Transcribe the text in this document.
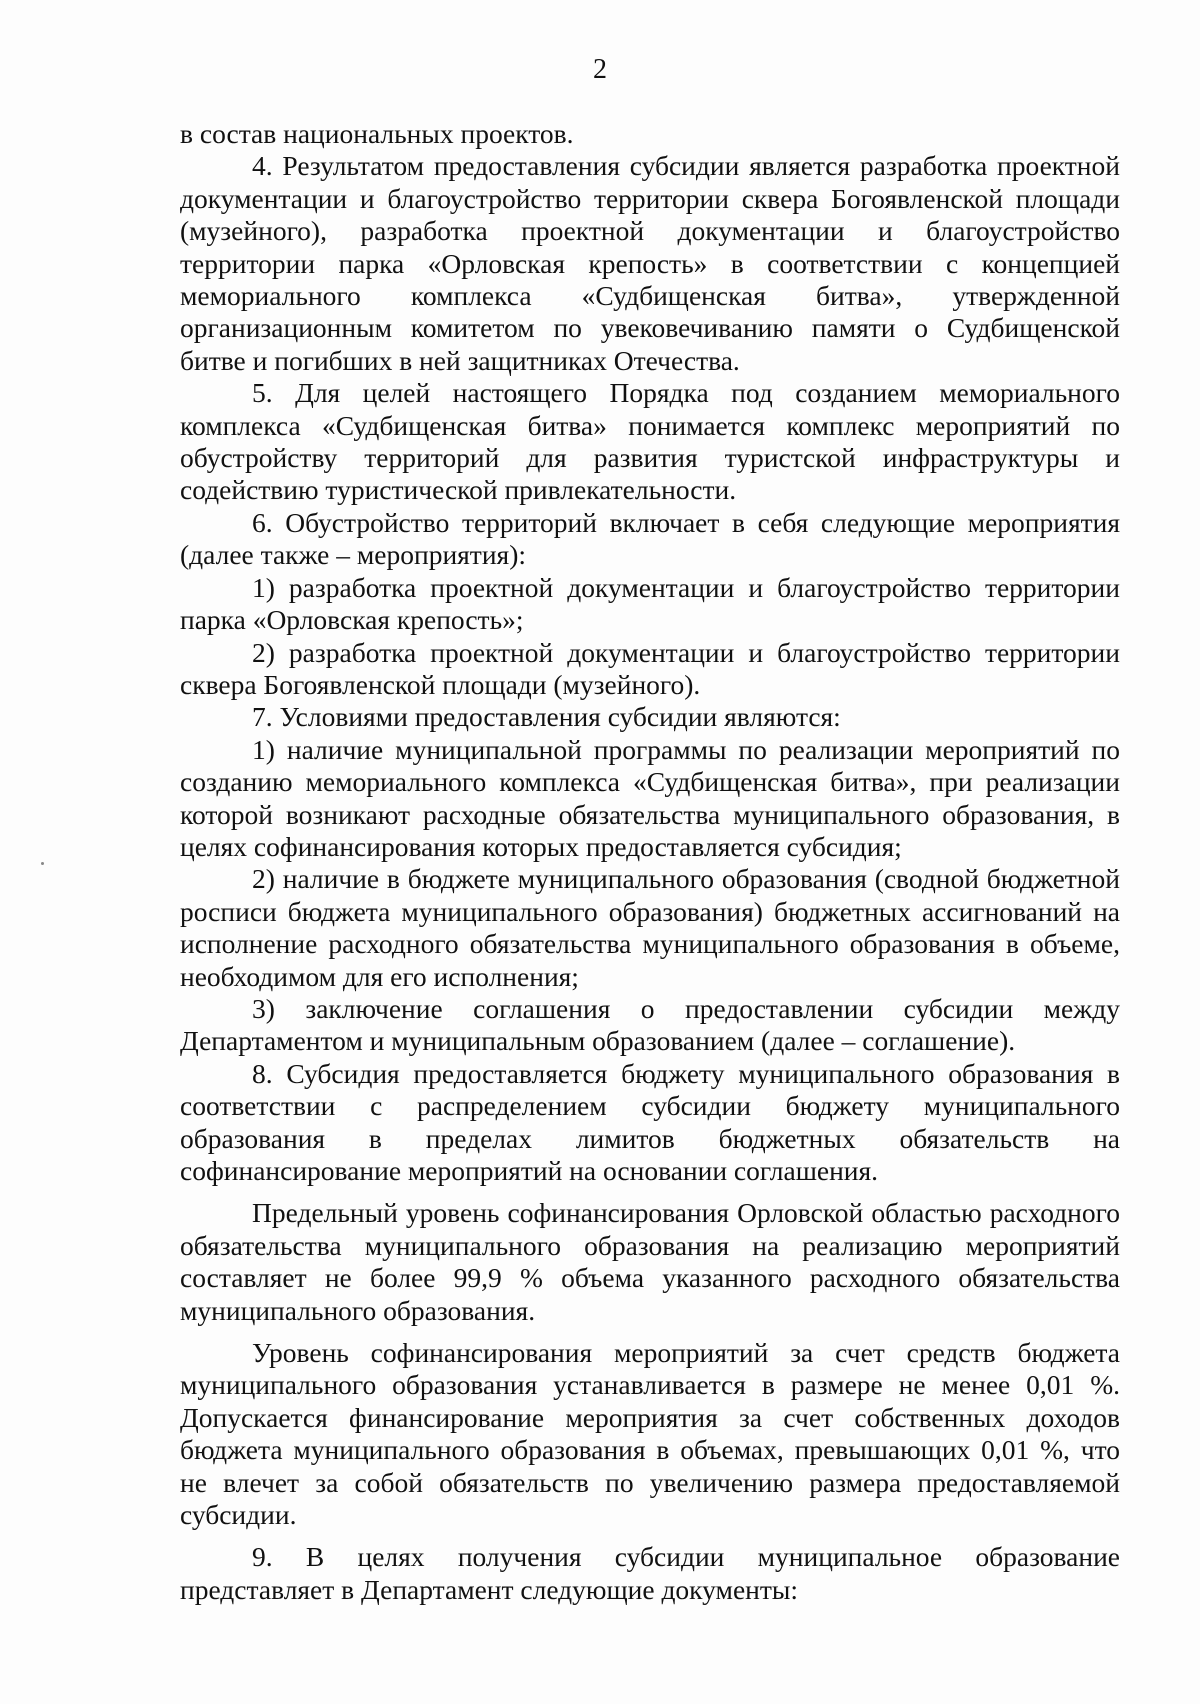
2

в состав национальных проектов.

4. Результатом предоставления субсидии является разработка проектной документации и благоустройство территории сквера Богоявленской площади (музейного), разработка проектной документации и благоустройство территории парка «Орловская крепость» в соответствии с концепцией мемориального комплекса «Судбищенская битва», утвержденной организационным комитетом по увековечиванию памяти о Судбищенской битве и погибших в ней защитниках Отечества.

5. Для целей настоящего Порядка под созданием мемориального комплекса «Судбищенская битва» понимается комплекс мероприятий по обустройству территорий для развития туристской инфраструктуры и содействию туристической привлекательности.

6. Обустройство территорий включает в себя следующие мероприятия (далее также – мероприятия):

1) разработка проектной документации и благоустройство территории парка «Орловская крепость»;

2) разработка проектной документации и благоустройство территории сквера Богоявленской площади (музейного).

7. Условиями предоставления субсидии являются:

1) наличие муниципальной программы по реализации мероприятий по созданию мемориального комплекса «Судбищенская битва», при реализации которой возникают расходные обязательства муниципального образования, в целях софинансирования которых предоставляется субсидия;

2) наличие в бюджете муниципального образования (сводной бюджетной росписи бюджета муниципального образования) бюджетных ассигнований на исполнение расходного обязательства муниципального образования в объеме, необходимом для его исполнения;

3) заключение соглашения о предоставлении субсидии между Департаментом и муниципальным образованием (далее – соглашение).

8. Субсидия предоставляется бюджету муниципального образования в соответствии с распределением субсидии бюджету муниципального образования в пределах лимитов бюджетных обязательств на софинансирование мероприятий на основании соглашения.

Предельный уровень софинансирования Орловской областью расходного обязательства муниципального образования на реализацию мероприятий составляет не более 99,9 % объема указанного расходного обязательства муниципального образования.

Уровень софинансирования мероприятий за счет средств бюджета муниципального образования устанавливается в размере не менее 0,01 %. Допускается финансирование мероприятия за счет собственных доходов бюджета муниципального образования в объемах, превышающих 0,01 %, что не влечет за собой обязательств по увеличению размера предоставляемой субсидии.

9. В целях получения субсидии муниципальное образование представляет в Департамент следующие документы:
